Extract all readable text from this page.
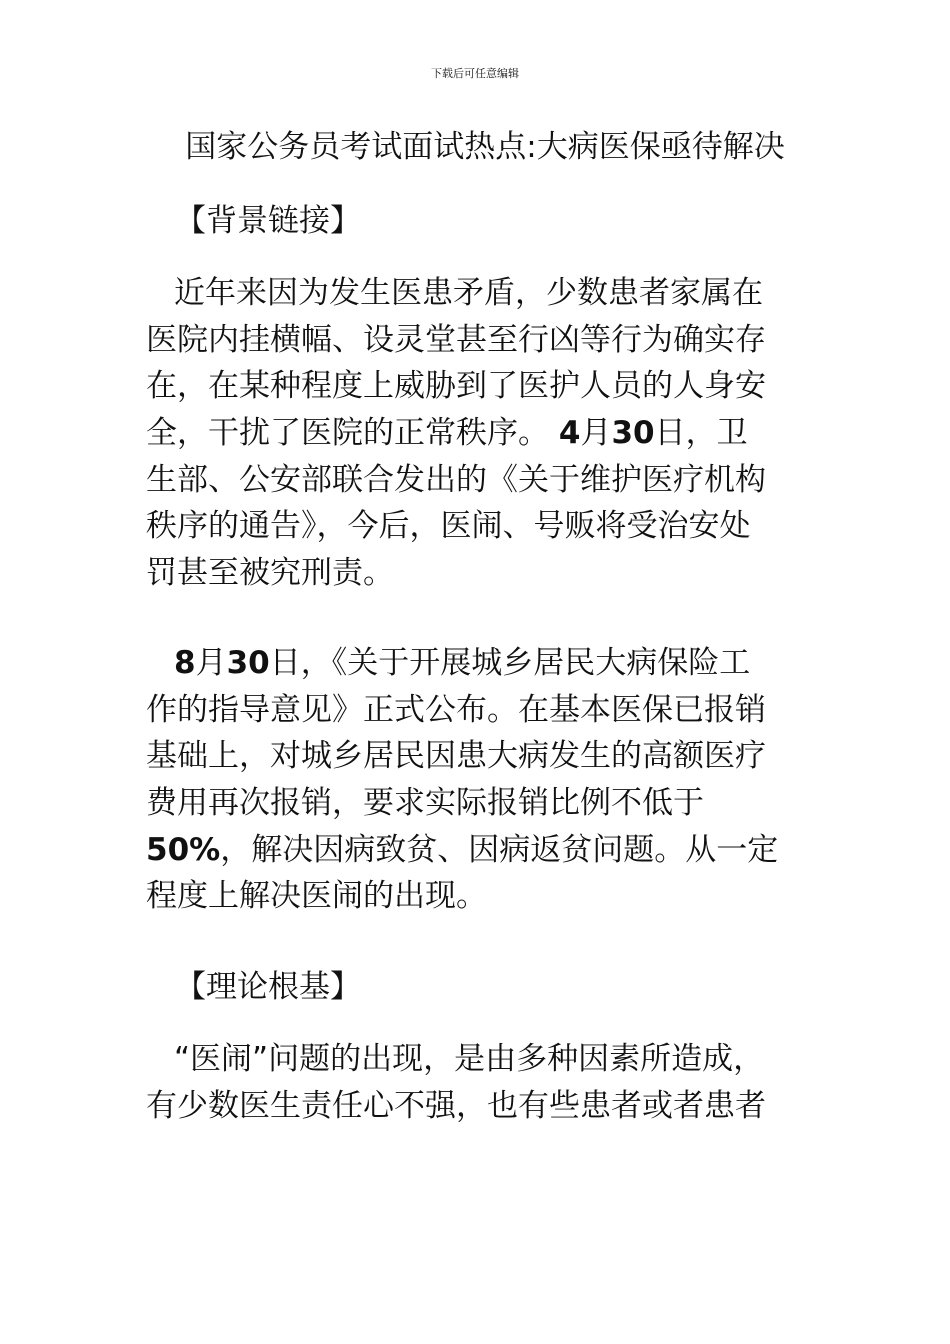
下载后可任意编辑
国家公务员考试面试热点:大病医保亟待解决
【背景链接】
近年来因为发生医患矛盾，少数患者家属在
医院内挂横幅、设灵堂甚至行凶等行为确实存
在，在某种程度上威胁到了医护人员的人身安
全，干扰了医院的正常秩序。 4月30日，卫
生部、公安部联合发出的《关于维护医疗机构
秩序的通告》，今后，医闹、号贩将受治安处
罚甚至被究刑责。
8月30日，《关于开展城乡居民大病保险工
作的指导意见》正式公布。在基本医保已报销
基础上，对城乡居民因患大病发生的高额医疗
费用再次报销，要求实际报销比例不低于
50%，解决因病致贫、因病返贫问题。从一定
程度上解决医闹的出现。
【理论根基】
“医闹”问题的出现，是由多种因素所造成，
有少数医生责任心不强，也有些患者或者患者
